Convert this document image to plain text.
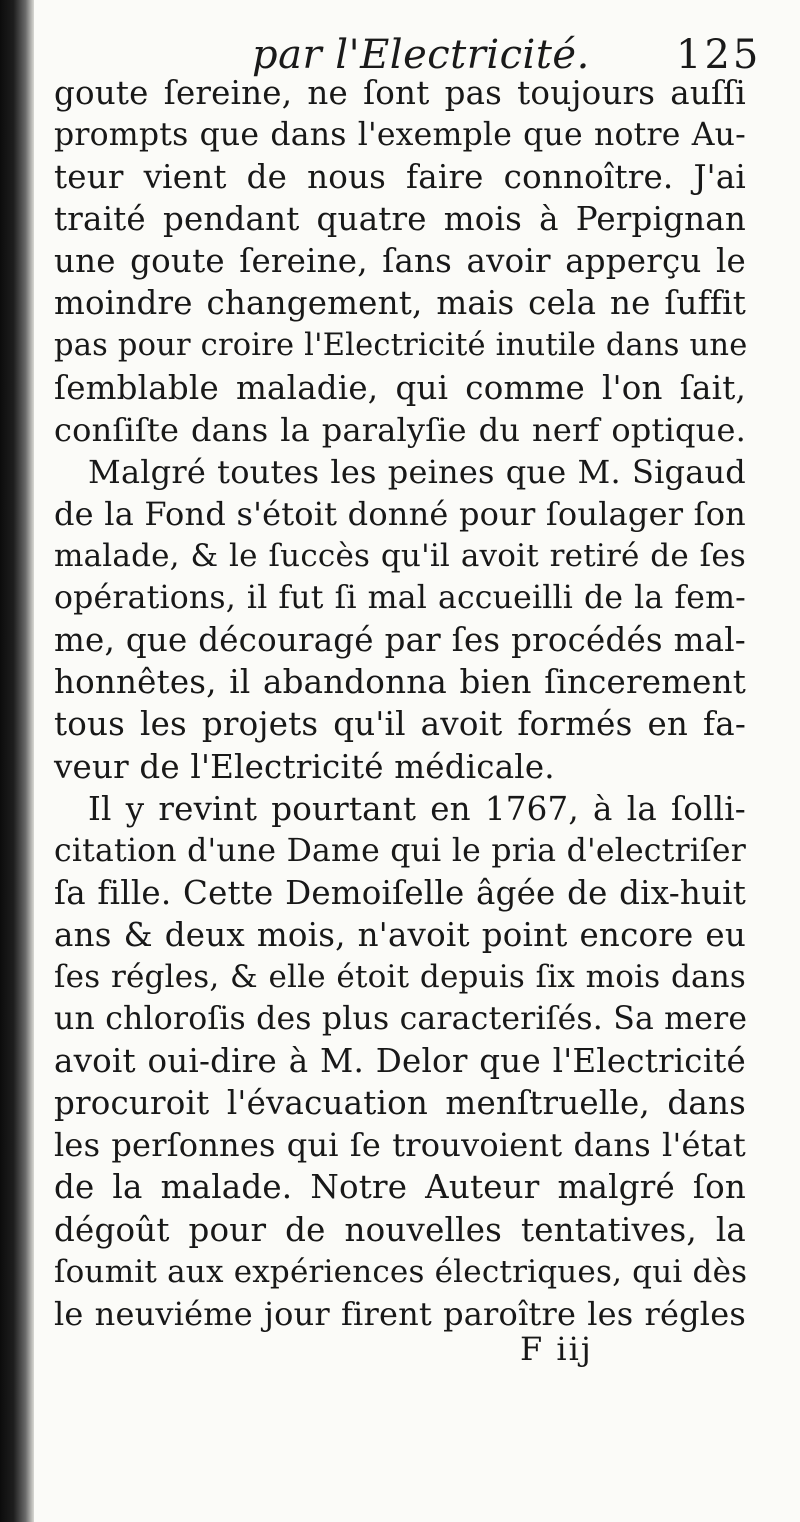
par l'Electricité. 125
goute ſereine, ne ſont pas toujours auſſi
prompts que dans l'exemple que notre Au-
teur vient de nous faire connoître. J'ai
traité pendant quatre mois à Perpignan
une goute ſereine, ſans avoir apperçu le
moindre changement, mais cela ne ſuffit
pas pour croire l'Electricité inutile dans une
ſemblable maladie, qui comme l'on ſait,
conſiſte dans la paralyſie du nerf optique.
Malgré toutes les peines que M. Sigaud
de la Fond s'étoit donné pour ſoulager ſon
malade, & le ſuccès qu'il avoit retiré de ſes
opérations, il fut ſi mal accueilli de la fem-
me, que découragé par ſes procédés mal-
honnêtes, il abandonna bien ſincerement
tous les projets qu'il avoit formés en fa-
veur de l'Electricité médicale.
Il y revint pourtant en 1767, à la ſolli-
citation d'une Dame qui le pria d'electriſer
ſa fille. Cette Demoiſelle âgée de dix-huit
ans & deux mois, n'avoit point encore eu
ſes régles, & elle étoit depuis ſix mois dans
un chloroſis des plus caracteriſés. Sa mere
avoit oui-dire à M. Delor que l'Electricité
procuroit l'évacuation menſtruelle, dans
les perſonnes qui ſe trouvoient dans l'état
de la malade. Notre Auteur malgré ſon
dégoût pour de nouvelles tentatives, la
ſoumit aux expériences électriques, qui dès
le neuviéme jour firent paroître les régles
F iij
